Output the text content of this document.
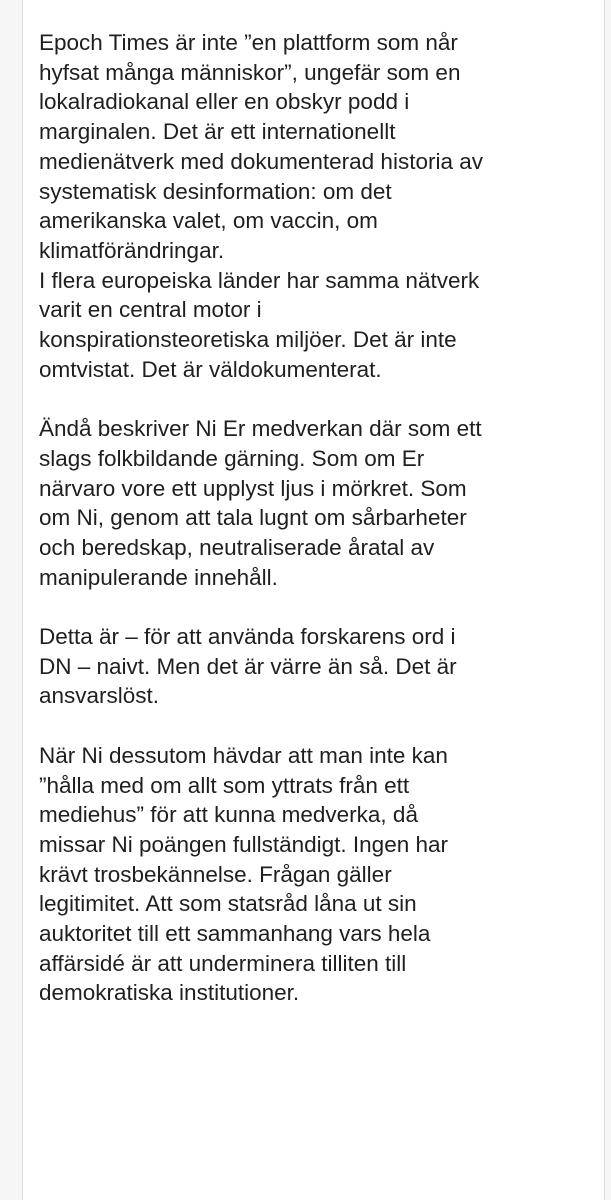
Epoch Times är inte ”en plattform som når
hyfsat många människor”, ungefär som en
lokalradiokanal eller en obskyr podd i
marginalen. Det är ett internationellt
medienätverk med dokumenterad historia av
systematisk desinformation: om det
amerikanska valet, om vaccin, om
klimatförändringar.
I flera europeiska länder har samma nätverk
varit en central motor i
konspirationsteoretiska miljöer. Det är inte
omtvistat. Det är väldokumenterat.
Ändå beskriver Ni Er medverkan där som ett
slags folkbildande gärning. Som om Er
närvaro vore ett upplyst ljus i mörkret. Som
om Ni, genom att tala lugnt om sårbarheter
och beredskap, neutraliserade åratal av
manipulerande innehåll.
Detta är – för att använda forskarens ord i
DN – naivt. Men det är värre än så. Det är
ansvarslöst.
När Ni dessutom hävdar att man inte kan
”hålla med om allt som yttrats från ett
mediehus” för att kunna medverka, då
missar Ni poängen fullständigt. Ingen har
krävt trosbekännelse. Frågan gäller
legitimitet. Att som statsråd låna ut sin
auktoritet till ett sammanhang vars hela
affärsidé är att underminera tilliten till
demokratiska institutioner.
